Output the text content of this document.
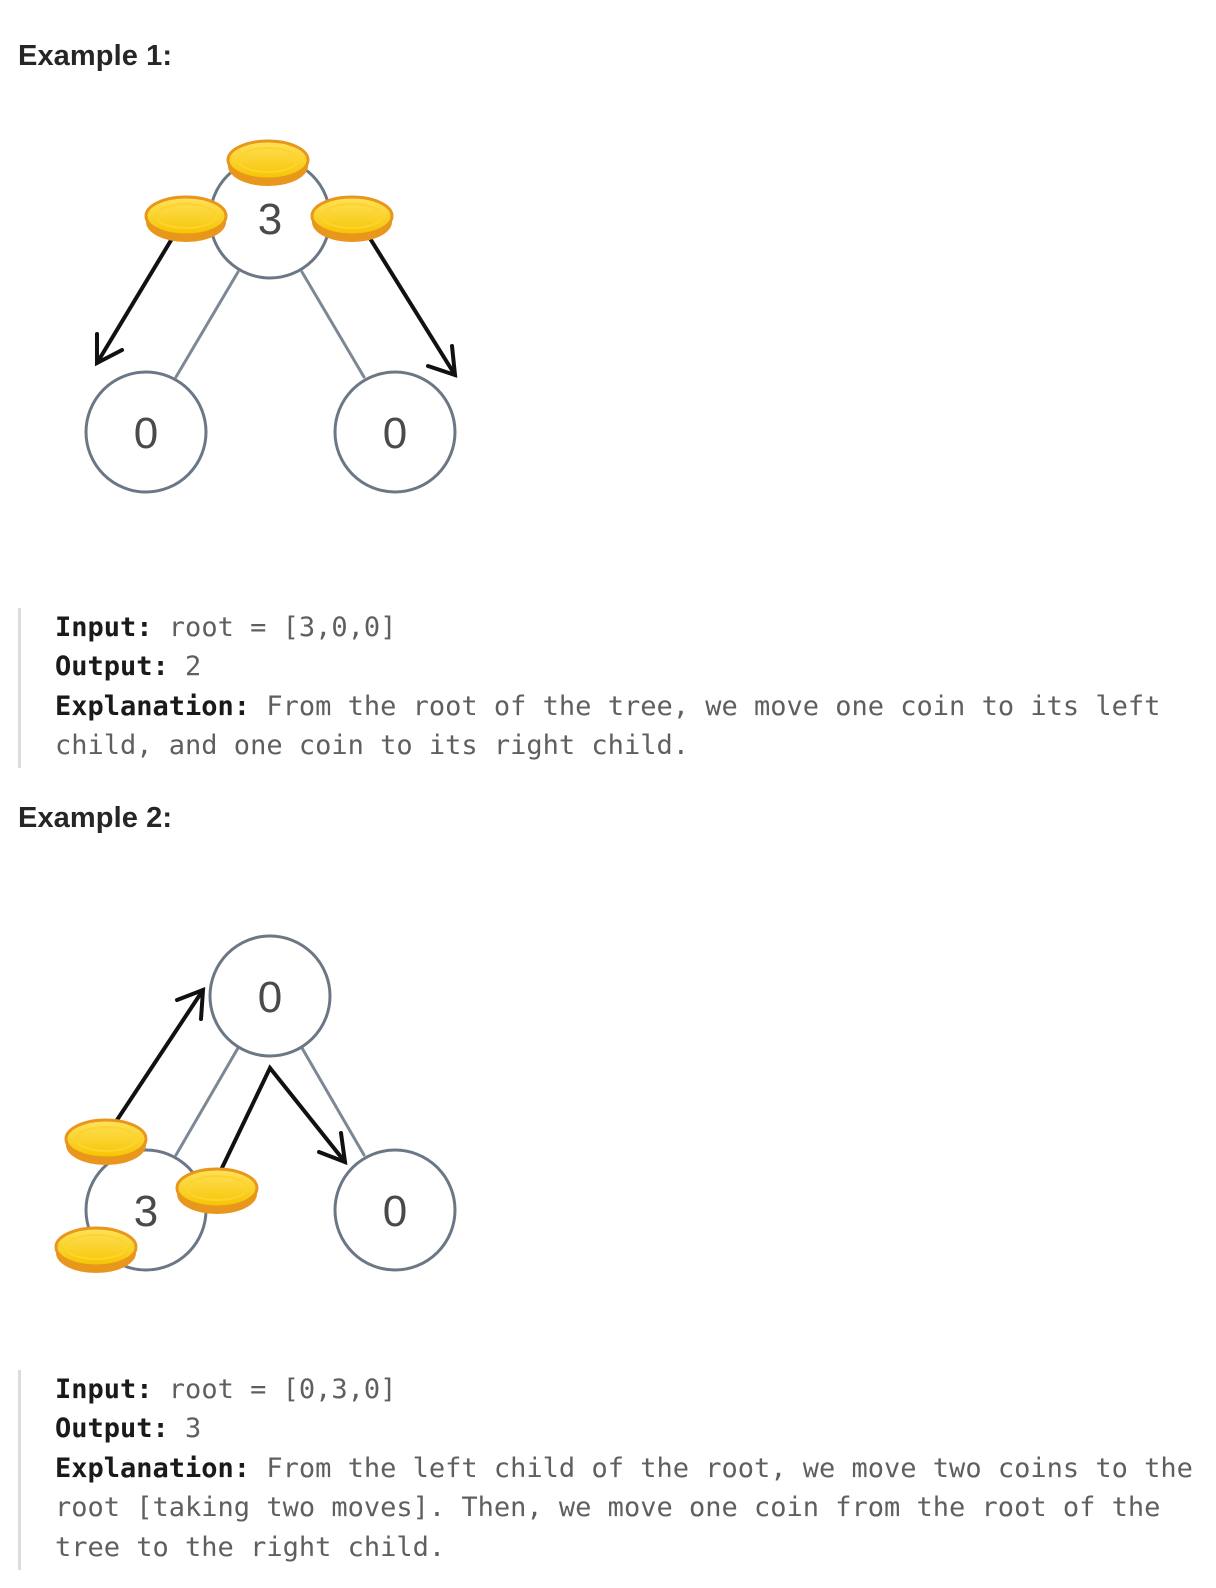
Example 1:
3
0	0
Input: root = [3,0,0]
Output: 2
Explanation: From the root of the tree, we move one coin to its left child, and one coin to its right child.
Example 2:
0
3	0
Input: root = [0,3,0]
Output: 3
Explanation: From the left child of the root, we move two coins to the root [taking two moves]. Then, we move one coin from the root of the tree to the right child.
